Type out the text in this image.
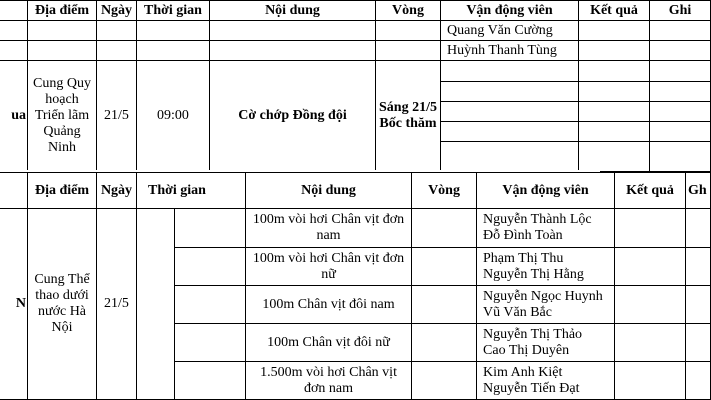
	Địa điểm	Ngày	Thời gian	Nội dung	Vòng	Vận động viên	Kết quả	Ghi
						Quang Văn Cường		
						Huỳnh Thanh Tùng		
ua	Cung Quy hoạch Triển lãm Quảng Ninh	21/5	09:00	Cờ chớp Đồng đội	Sáng 21/5 Bốc thăm			

	Địa điểm	Ngày	Thời gian		Nội dung	Vòng	Vận động viên	Kết quả	Gh
N	Cung Thể thao dưới nước Hà Nội	21/5			100m vòi hơi Chân vịt đơn nam		Nguyễn Thành Lộc
Đỗ Đình Toàn		

					100m vòi hơi Chân vịt đơn nữ		Phạm Thị Thu
Nguyễn Thị Hằng		

					100m Chân vịt đôi nam		Nguyễn Ngọc Huynh
Vũ Văn Bắc		

					100m Chân vịt đôi nữ		Nguyễn Thị Thảo
Cao Thị Duyên		

					1.500m vòi hơi Chân vịt đơn nam		Kim Anh Kiệt
Nguyễn Tiến Đạt		
